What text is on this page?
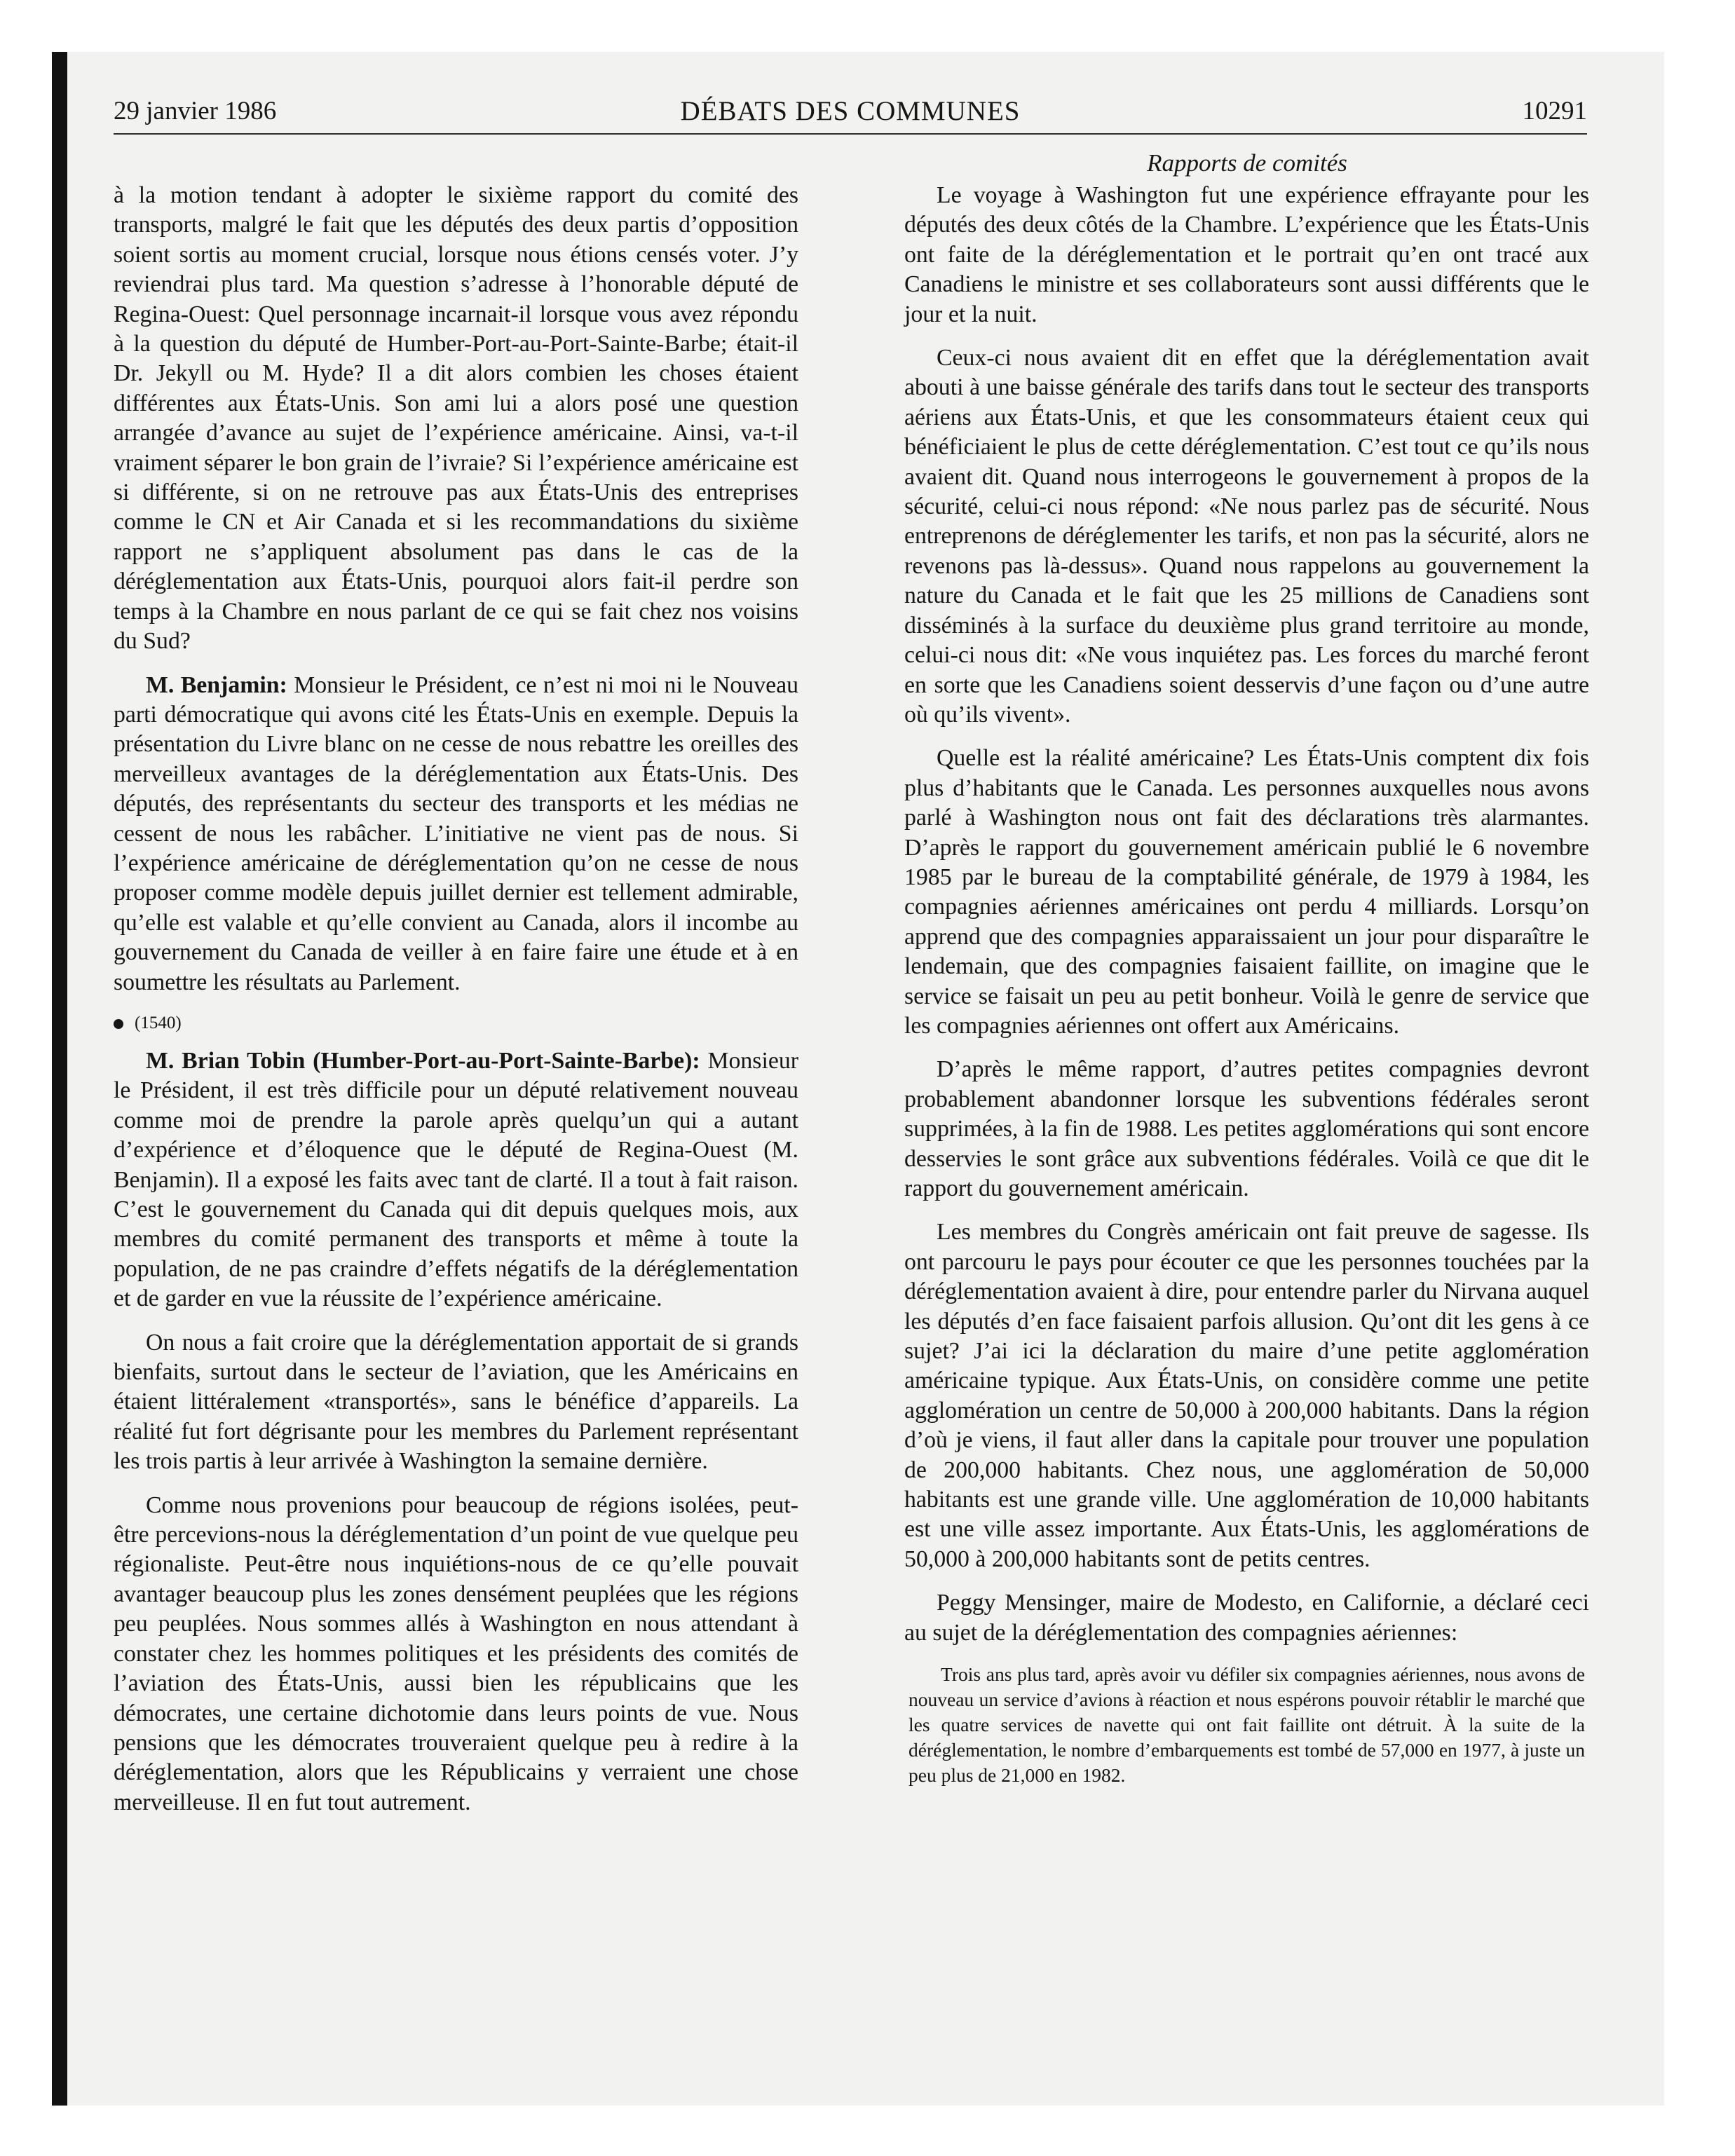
29 janvier 1986	DÉBATS DES COMMUNES	10291
Rapports de comités

à la motion tendant à adopter le sixième rapport du comité des transports, malgré le fait que les députés des deux partis d’opposition soient sortis au moment crucial, lorsque nous étions censés voter. J’y reviendrai plus tard. Ma question s’adresse à l’honorable député de Regina-Ouest: Quel personnage incarnait-il lorsque vous avez répondu à la question du député de Humber-Port-au-Port-Sainte-Barbe; était-il Dr. Jekyll ou M. Hyde? Il a dit alors combien les choses étaient différentes aux États-Unis. Son ami lui a alors posé une question arrangée d’avance au sujet de l’expérience américaine. Ainsi, va-t-il vraiment séparer le bon grain de l’ivraie? Si l’expérience américaine est si différente, si on ne retrouve pas aux États-Unis des entreprises comme le CN et Air Canada et si les recommandations du sixième rapport ne s’appliquent absolument pas dans le cas de la déréglementation aux États-Unis, pourquoi alors fait-il perdre son temps à la Chambre en nous parlant de ce qui se fait chez nos voisins du Sud?

M. Benjamin: Monsieur le Président, ce n’est ni moi ni le Nouveau parti démocratique qui avons cité les États-Unis en exemple. Depuis la présentation du Livre blanc on ne cesse de nous rebattre les oreilles des merveilleux avantages de la déréglementation aux États-Unis. Des députés, des représentants du secteur des transports et les médias ne cessent de nous les rabâcher. L’initiative ne vient pas de nous. Si l’expérience américaine de déréglementation qu’on ne cesse de nous proposer comme modèle depuis juillet dernier est tellement admirable, qu’elle est valable et qu’elle convient au Canada, alors il incombe au gouvernement du Canada de veiller à en faire faire une étude et à en soumettre les résultats au Parlement.

(1540)

M. Brian Tobin (Humber-Port-au-Port-Sainte-Barbe): Monsieur le Président, il est très difficile pour un député relativement nouveau comme moi de prendre la parole après quelqu’un qui a autant d’expérience et d’éloquence que le député de Regina-Ouest (M. Benjamin). Il a exposé les faits avec tant de clarté. Il a tout à fait raison. C’est le gouvernement du Canada qui dit depuis quelques mois, aux membres du comité permanent des transports et même à toute la population, de ne pas craindre d’effets négatifs de la déréglementation et de garder en vue la réussite de l’expérience américaine.

On nous a fait croire que la déréglementation apportait de si grands bienfaits, surtout dans le secteur de l’aviation, que les Américains en étaient littéralement «transportés», sans le bénéfice d’appareils. La réalité fut fort dégrisante pour les membres du Parlement représentant les trois partis à leur arrivée à Washington la semaine dernière.

Comme nous provenions pour beaucoup de régions isolées, peut-être percevions-nous la déréglementation d’un point de vue quelque peu régionaliste. Peut-être nous inquiétions-nous de ce qu’elle pouvait avantager beaucoup plus les zones densément peuplées que les régions peu peuplées. Nous sommes allés à Washington en nous attendant à constater chez les hommes politiques et les présidents des comités de l’aviation des États-Unis, aussi bien les républicains que les démocrates, une certaine dichotomie dans leurs points de vue. Nous pensions que les démocrates trouveraient quelque peu à redire à la déréglementation, alors que les Républicains y verraient une chose merveilleuse. Il en fut tout autrement.

Le voyage à Washington fut une expérience effrayante pour les députés des deux côtés de la Chambre. L’expérience que les États-Unis ont faite de la déréglementation et le portrait qu’en ont tracé aux Canadiens le ministre et ses collaborateurs sont aussi différents que le jour et la nuit.

Ceux-ci nous avaient dit en effet que la déréglementation avait abouti à une baisse générale des tarifs dans tout le secteur des transports aériens aux États-Unis, et que les consommateurs étaient ceux qui bénéficiaient le plus de cette déréglementation. C’est tout ce qu’ils nous avaient dit. Quand nous interrogeons le gouvernement à propos de la sécurité, celui-ci nous répond: «Ne nous parlez pas de sécurité. Nous entreprenons de déréglementer les tarifs, et non pas la sécurité, alors ne revenons pas là-dessus». Quand nous rappelons au gouvernement la nature du Canada et le fait que les 25 millions de Canadiens sont disséminés à la surface du deuxième plus grand territoire au monde, celui-ci nous dit: «Ne vous inquiétez pas. Les forces du marché feront en sorte que les Canadiens soient desservis d’une façon ou d’une autre où qu’ils vivent».

Quelle est la réalité américaine? Les États-Unis comptent dix fois plus d’habitants que le Canada. Les personnes auxquelles nous avons parlé à Washington nous ont fait des déclarations très alarmantes. D’après le rapport du gouvernement américain publié le 6 novembre 1985 par le bureau de la comptabilité générale, de 1979 à 1984, les compagnies aériennes américaines ont perdu 4 milliards. Lorsqu’on apprend que des compagnies apparaissaient un jour pour disparaître le lendemain, que des compagnies faisaient faillite, on imagine que le service se faisait un peu au petit bonheur. Voilà le genre de service que les compagnies aériennes ont offert aux Américains.

D’après le même rapport, d’autres petites compagnies devront probablement abandonner lorsque les subventions fédérales seront supprimées, à la fin de 1988. Les petites agglomérations qui sont encore desservies le sont grâce aux subventions fédérales. Voilà ce que dit le rapport du gouvernement américain.

Les membres du Congrès américain ont fait preuve de sagesse. Ils ont parcouru le pays pour écouter ce que les personnes touchées par la déréglementation avaient à dire, pour entendre parler du Nirvana auquel les députés d’en face faisaient parfois allusion. Qu’ont dit les gens à ce sujet? J’ai ici la déclaration du maire d’une petite agglomération américaine typique. Aux États-Unis, on considère comme une petite agglomération un centre de 50,000 à 200,000 habitants. Dans la région d’où je viens, il faut aller dans la capitale pour trouver une population de 200,000 habitants. Chez nous, une agglomération de 50,000 habitants est une grande ville. Une agglomération de 10,000 habitants est une ville assez importante. Aux États-Unis, les agglomérations de 50,000 à 200,000 habitants sont de petits centres.

Peggy Mensinger, maire de Modesto, en Californie, a déclaré ceci au sujet de la déréglementation des compagnies aériennes:

Trois ans plus tard, après avoir vu défiler six compagnies aériennes, nous avons de nouveau un service d’avions à réaction et nous espérons pouvoir rétablir le marché que les quatre services de navette qui ont fait faillite ont détruit. À la suite de la déréglementation, le nombre d’embarquements est tombé de 57,000 en 1977, à juste un peu plus de 21,000 en 1982.
